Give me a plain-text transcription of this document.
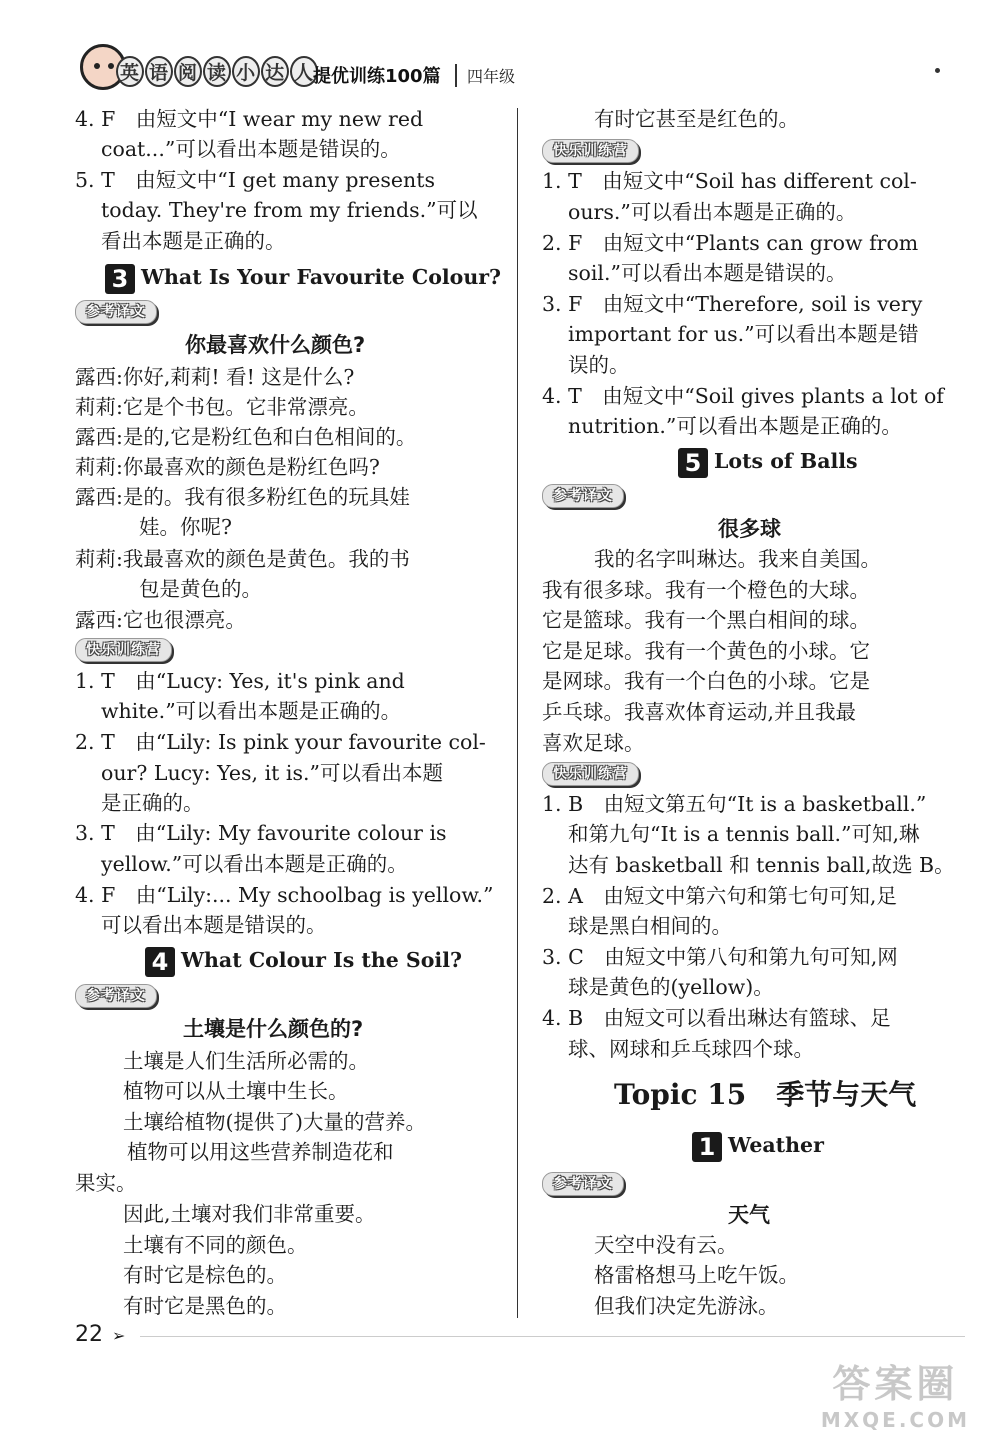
英 语 阅 读 小 达 人
提优训练100篇	四年级
4. F　由短文中“I wear my new red
coat...”可以看出本题是错误的。
5. T　由短文中“I get many presents
today. They're from my friends.”可以
看出本题是正确的。
3 What Is Your Favourite Colour?
参考译文
你最喜欢什么颜色?
露西:你好,莉莉! 看! 这是什么?
莉莉:它是个书包。它非常漂亮。
露西:是的,它是粉红色和白色相间的。
莉莉:你最喜欢的颜色是粉红色吗?
露西:是的。我有很多粉红色的玩具娃
娃。你呢?
莉莉:我最喜欢的颜色是黄色。我的书
包是黄色的。
露西:它也很漂亮。
快乐训练营
1. T　由“Lucy: Yes, it's pink and
white.”可以看出本题是正确的。
2. T　由“Lily: Is pink your favourite col-
our? Lucy: Yes, it is.”可以看出本题
是正确的。
3. T　由“Lily: My favourite colour is
yellow.”可以看出本题是正确的。
4. F　由“Lily:... My schoolbag is yellow.”
可以看出本题是错误的。
4 What Colour Is the Soil?
参考译文
土壤是什么颜色的?
土壤是人们生活所必需的。
植物可以从土壤中生长。
土壤给植物(提供了)大量的营养。
植物可以用这些营养制造花和
果实。
因此,土壤对我们非常重要。
土壤有不同的颜色。
有时它是棕色的。
有时它是黑色的。
有时它甚至是红色的。
快乐训练营
1. T　由短文中“Soil has different col-
ours.”可以看出本题是正确的。
2. F　由短文中“Plants can grow from
soil.”可以看出本题是错误的。
3. F　由短文中“Therefore, soil is very
important for us.”可以看出本题是错
误的。
4. T　由短文中“Soil gives plants a lot of
nutrition.”可以看出本题是正确的。
5 Lots of Balls
参考译文
很多球
我的名字叫琳达。我来自美国。
我有很多球。我有一个橙色的大球。
它是篮球。我有一个黑白相间的球。
它是足球。我有一个黄色的小球。它
是网球。我有一个白色的小球。它是
乒乓球。我喜欢体育运动,并且我最
喜欢足球。
快乐训练营
1. B　由短文第五句“It is a basketball.”
和第九句“It is a tennis ball.”可知,琳
达有 basketball 和 tennis ball,故选 B。
2. A　由短文中第六句和第七句可知,足
球是黑白相间的。
3. C　由短文中第八句和第九句可知,网
球是黄色的(yellow)。
4. B　由短文可以看出琳达有篮球、足
球、网球和乒乓球四个球。
Topic 15 季节与天气
1 Weather
参考译文
天气
天空中没有云。
格雷格想马上吃午饭。
但我们决定先游泳。
22 ➢
答案圈
MXQE.COM
